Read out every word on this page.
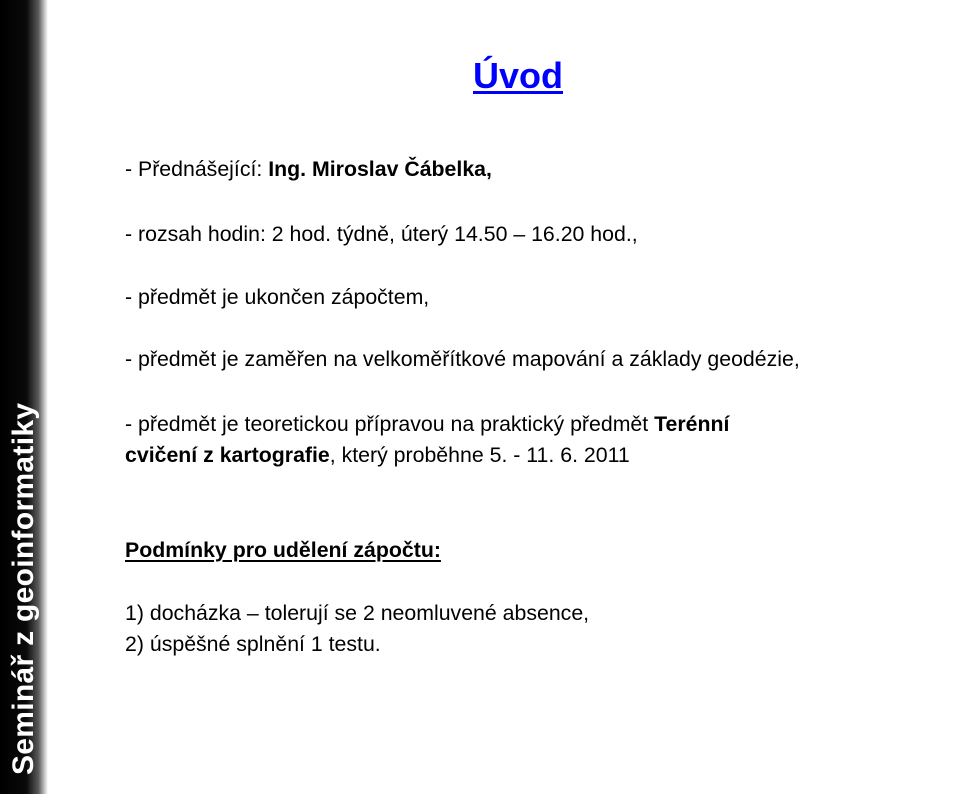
Seminář z geoinformatiky
Úvod

- Přednášející: Ing. Miroslav Čábelka,

- rozsah hodin: 2 hod. týdně, úterý 14.50 – 16.20 hod.,

- předmět je ukončen zápočtem,

- předmět je zaměřen na velkoměřítkové mapování a základy geodézie,

- předmět je teoretickou přípravou na praktický předmět Terénní

cvičení z kartografie, který proběhne 5. - 11. 6. 2011

Podmínky pro udělení zápočtu:

1) docházka – tolerují se 2 neomluvené absence,

2) úspěšné splnění 1 testu.
